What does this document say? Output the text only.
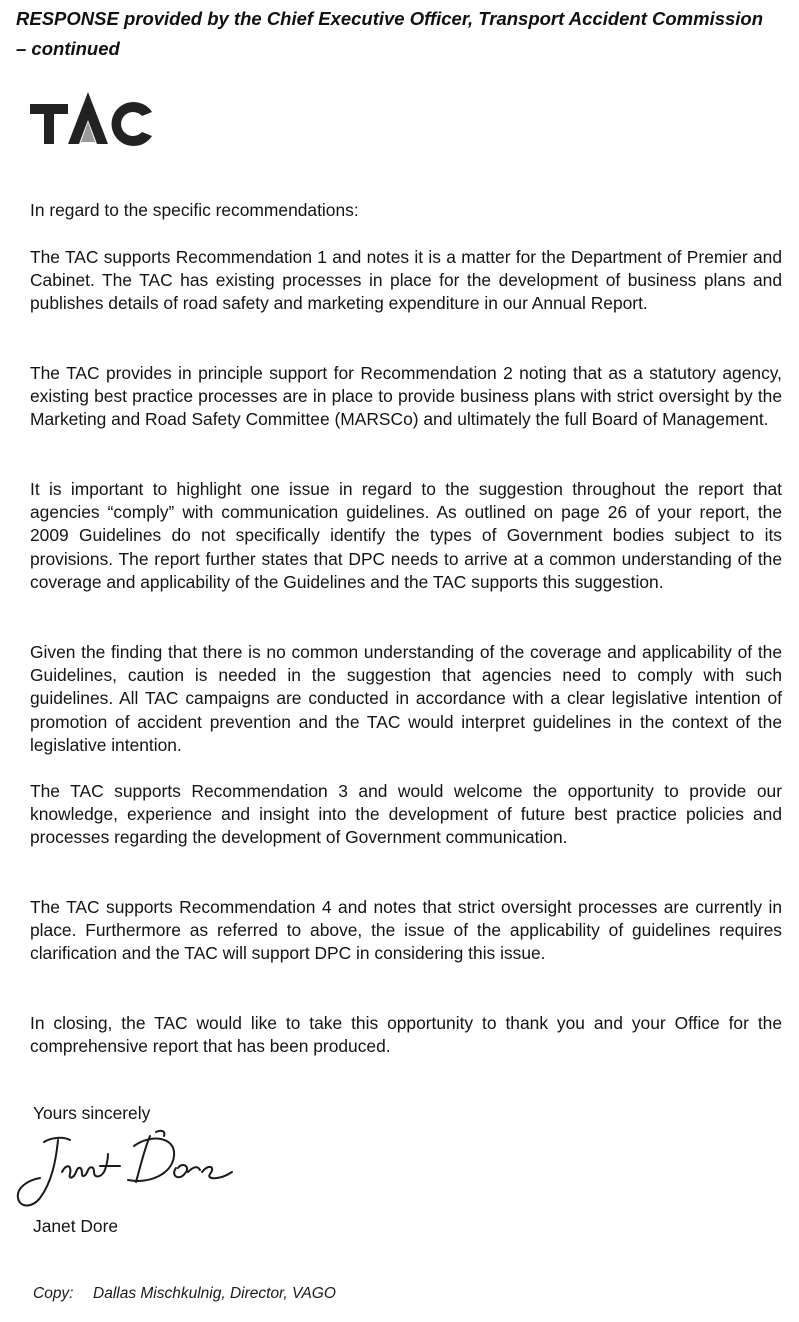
RESPONSE provided by the Chief Executive Officer, Transport Accident Commission – continued

In regard to the specific recommendations:

The TAC supports Recommendation 1 and notes it is a matter for the Department of Premier and Cabinet. The TAC has existing processes in place for the development of business plans and publishes details of road safety and marketing expenditure in our Annual Report.

The TAC provides in principle support for Recommendation 2 noting that as a statutory agency, existing best practice processes are in place to provide business plans with strict oversight by the Marketing and Road Safety Committee (MARSCo) and ultimately the full Board of Management.

It is important to highlight one issue in regard to the suggestion throughout the report that agencies “comply” with communication guidelines. As outlined on page 26 of your report, the 2009 Guidelines do not specifically identify the types of Government bodies subject to its provisions. The report further states that DPC needs to arrive at a common understanding of the coverage and applicability of the Guidelines and the TAC supports this suggestion.

Given the finding that there is no common understanding of the coverage and applicability of the Guidelines, caution is needed in the suggestion that agencies need to comply with such guidelines. All TAC campaigns are conducted in accordance with a clear legislative intention of promotion of accident prevention and the TAC would interpret guidelines in the context of the legislative intention.

The TAC supports Recommendation 3 and would welcome the opportunity to provide our knowledge, experience and insight into the development of future best practice policies and processes regarding the development of Government communication.

The TAC supports Recommendation 4 and notes that strict oversight processes are currently in place. Furthermore as referred to above, the issue of the applicability of guidelines requires clarification and the TAC will support DPC in considering this issue.

In closing, the TAC would like to take this opportunity to thank you and your Office for the comprehensive report that has been produced.

Yours sincerely
Janet Dore
Copy: Dallas Mischkulnig, Director, VAGO
